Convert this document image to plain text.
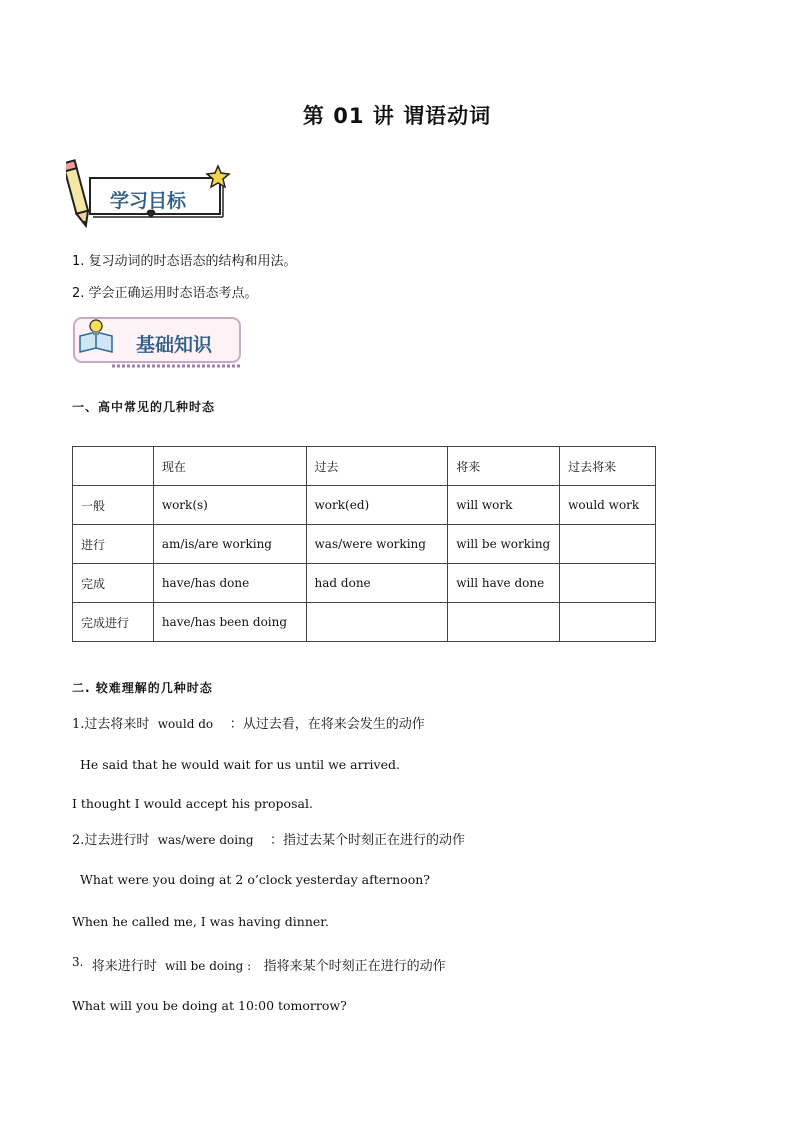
第 01 讲 谓语动词
学习目标
1. 复习动词的时态语态的结构和用法。
2. 学会正确运用时态语态考点。
基础知识
一、高中常见的几种时态
	现在	过去	将来	过去将来
一般	work(s)	work(ed)	will work	would work
进行	am/is/are working	was/were working	will be working	
完成	have/has done	had done	will have done	
完成进行	have/has been doing			
二. 较难理解的几种时态
1.过去将来时 would do ：从过去看，在将来会发生的动作
He said that he would wait for us until we arrived.
I thought I would accept his proposal.
2.过去进行时 was/were doing ：指过去某个时刻正在进行的动作
What were you doing at 2 o’clock yesterday afternoon?
When he called me, I was having dinner.
3. 将来进行时 will be doing : 指将来某个时刻正在进行的动作
What will you be doing at 10:00 tomorrow?
